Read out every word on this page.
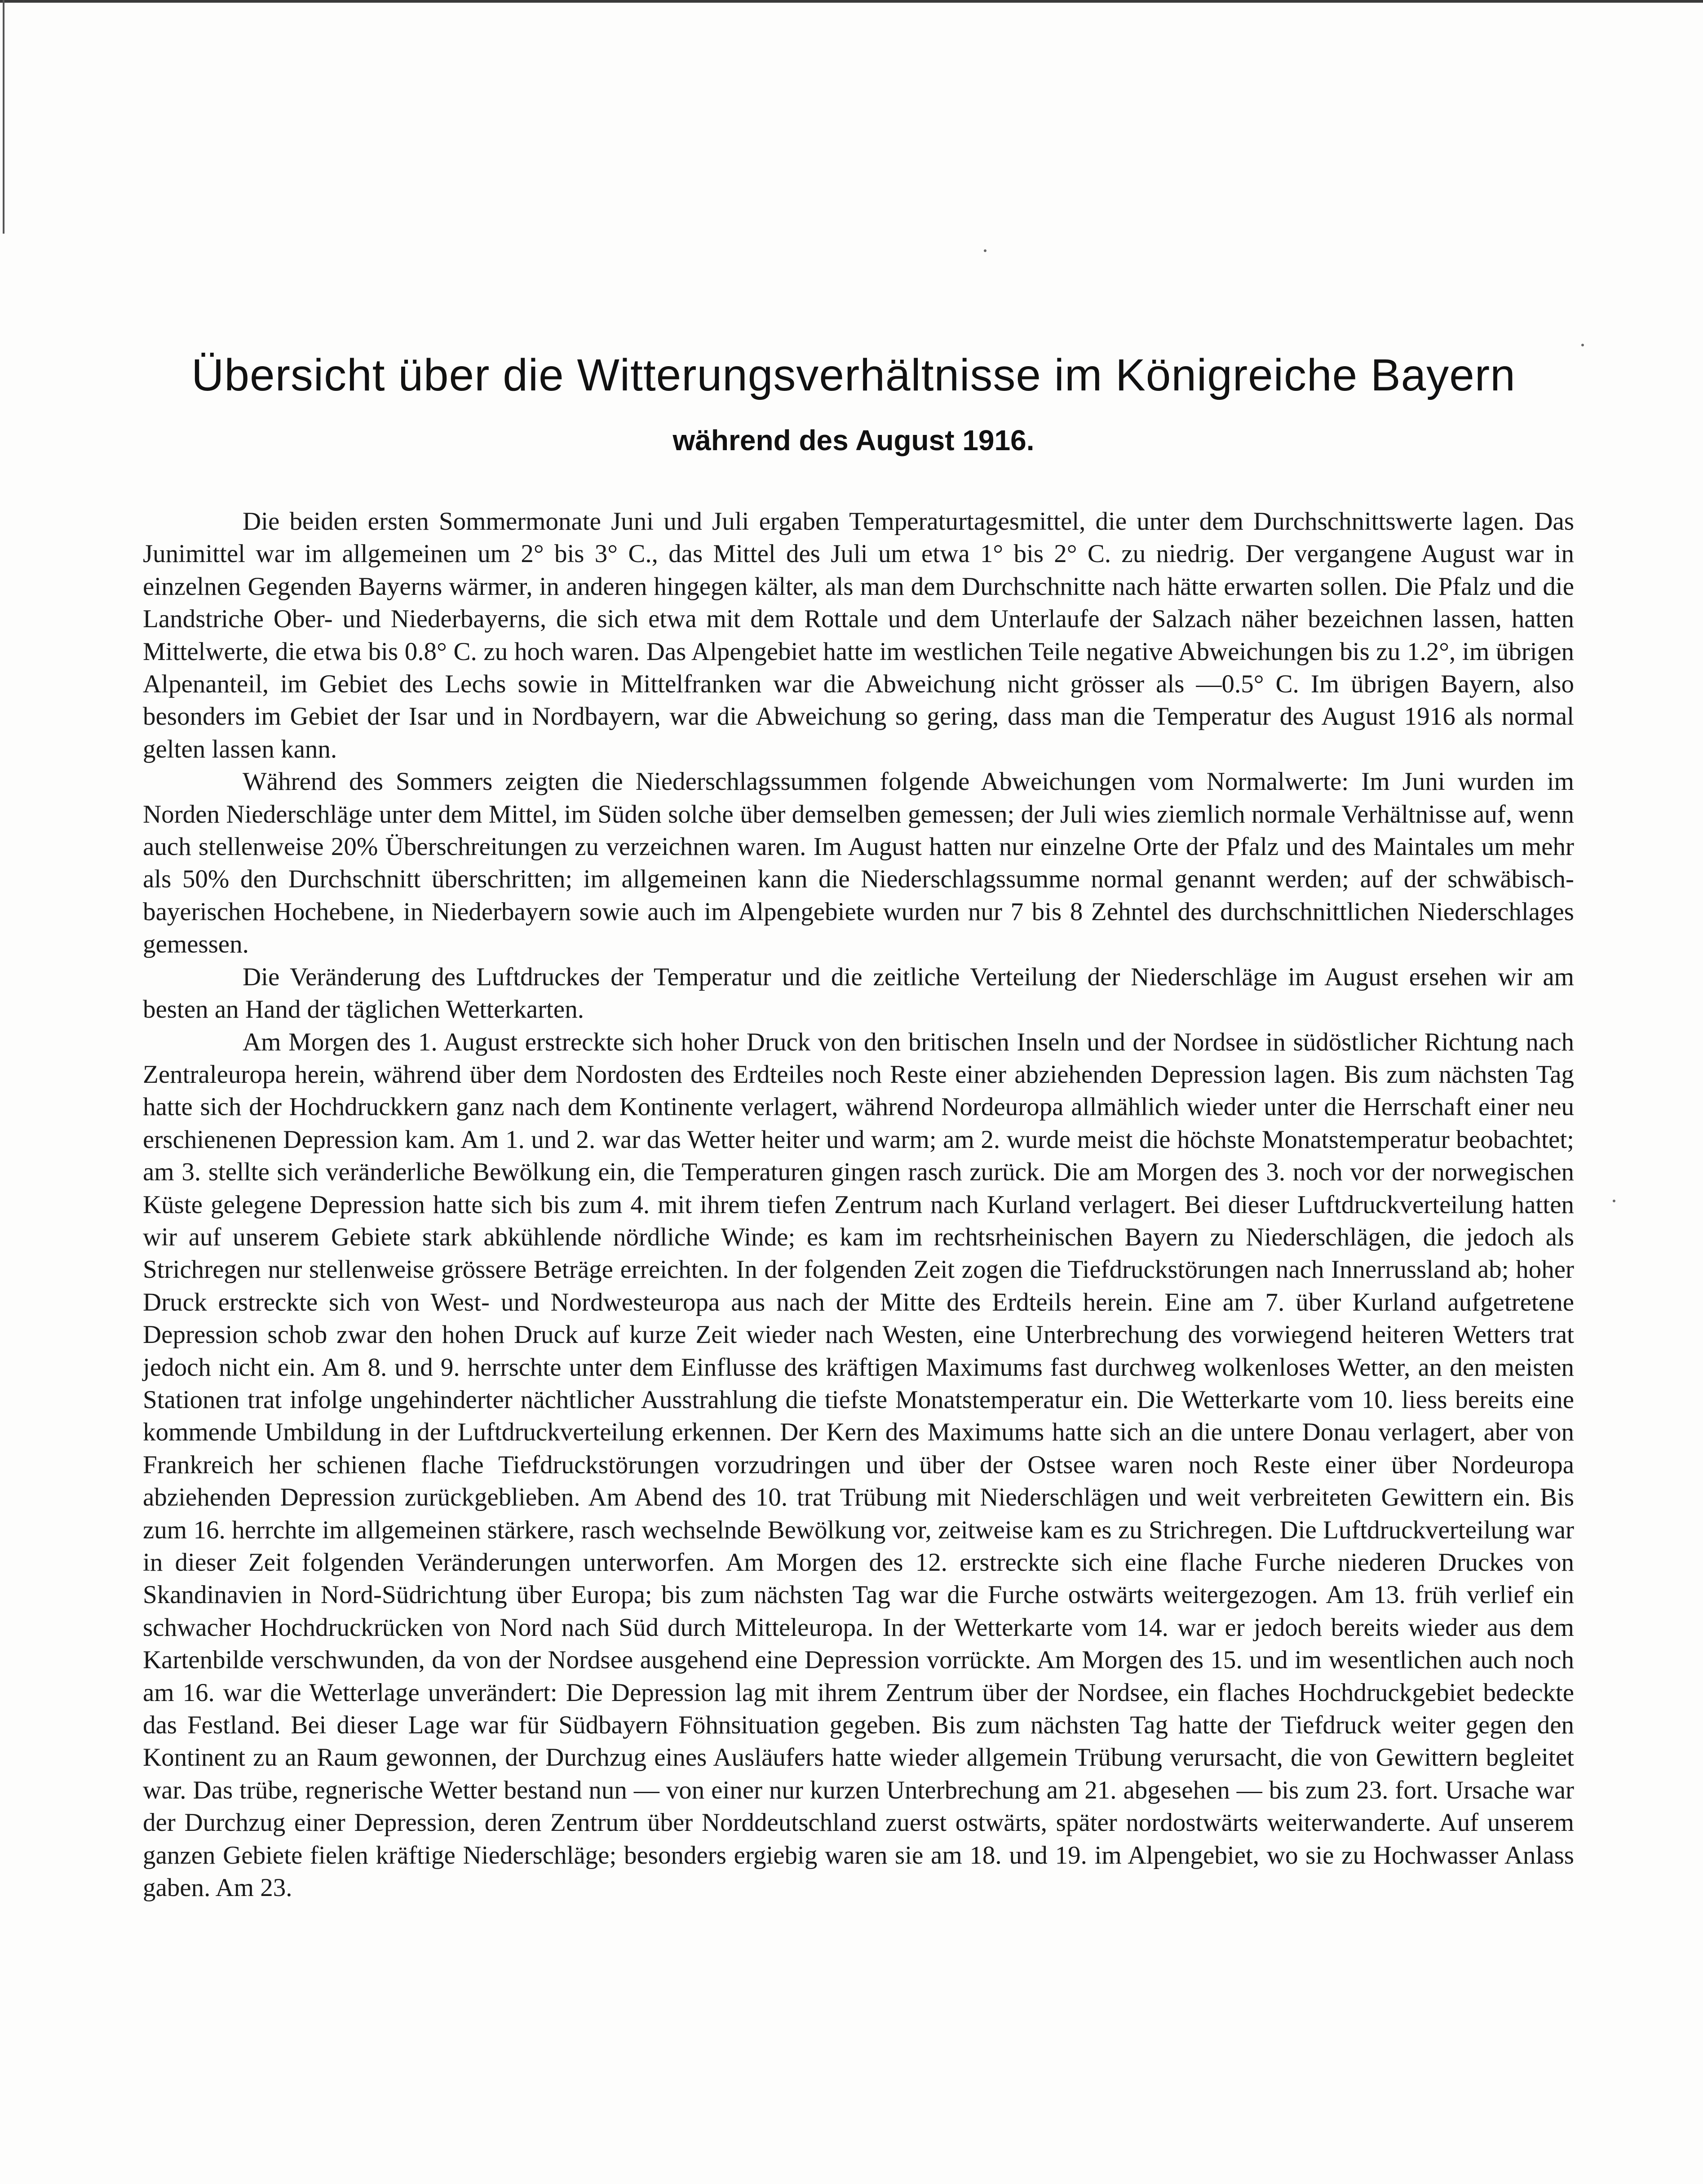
Übersicht über die Witterungsverhältnisse im Königreiche Bayern
während des August 1916.

Die beiden ersten Sommermonate Juni und Juli ergaben Temperaturtagesmittel, die unter dem Durchschnittswerte lagen. Das Junimittel war im allgemeinen um 2° bis 3° C., das Mittel des Juli um etwa 1° bis 2° C. zu niedrig. Der vergangene August war in einzelnen Gegenden Bayerns wärmer, in anderen hingegen kälter, als man dem Durchschnitte nach hätte erwarten sollen. Die Pfalz und die Landstriche Ober- und Niederbayerns, die sich etwa mit dem Rottale und dem Unterlaufe der Salzach näher bezeichnen lassen, hatten Mittelwerte, die etwa bis 0.8° C. zu hoch waren. Das Alpengebiet hatte im westlichen Teile negative Abweichungen bis zu 1.2°, im übrigen Alpenanteil, im Gebiet des Lechs sowie in Mittelfranken war die Abweichung nicht grösser als —0.5° C. Im übrigen Bayern, also besonders im Gebiet der Isar und in Nordbayern, war die Abweichung so gering, dass man die Temperatur des August 1916 als normal gelten lassen kann.

Während des Sommers zeigten die Niederschlagssummen folgende Abweichungen vom Normalwerte: Im Juni wurden im Norden Niederschläge unter dem Mittel, im Süden solche über demselben gemessen; der Juli wies ziemlich normale Verhältnisse auf, wenn auch stellenweise 20% Überschreitungen zu verzeichnen waren. Im August hatten nur einzelne Orte der Pfalz und des Maintales um mehr als 50% den Durchschnitt überschritten; im allgemeinen kann die Niederschlagssumme normal genannt werden; auf der schwäbisch-bayerischen Hochebene, in Niederbayern sowie auch im Alpengebiete wurden nur 7 bis 8 Zehntel des durchschnittlichen Niederschlages gemessen.

Die Veränderung des Luftdruckes der Temperatur und die zeitliche Verteilung der Niederschläge im August ersehen wir am besten an Hand der täglichen Wetterkarten.

Am Morgen des 1. August erstreckte sich hoher Druck von den britischen Inseln und der Nordsee in südöstlicher Richtung nach Zentraleuropa herein, während über dem Nordosten des Erdteiles noch Reste einer abziehenden Depression lagen. Bis zum nächsten Tag hatte sich der Hochdruckkern ganz nach dem Kontinente verlagert, während Nordeuropa allmählich wieder unter die Herrschaft einer neu erschienenen Depression kam. Am 1. und 2. war das Wetter heiter und warm; am 2. wurde meist die höchste Monatstemperatur beobachtet; am 3. stellte sich veränderliche Bewölkung ein, die Temperaturen gingen rasch zurück. Die am Morgen des 3. noch vor der norwegischen Küste gelegene Depression hatte sich bis zum 4. mit ihrem tiefen Zentrum nach Kurland verlagert. Bei dieser Luftdruckverteilung hatten wir auf unserem Gebiete stark abkühlende nördliche Winde; es kam im rechtsrheinischen Bayern zu Niederschlägen, die jedoch als Strichregen nur stellenweise grössere Beträge erreichten. In der folgenden Zeit zogen die Tiefdruckstörungen nach Innerrussland ab; hoher Druck erstreckte sich von West- und Nordwesteuropa aus nach der Mitte des Erdteils herein. Eine am 7. über Kurland aufgetretene Depression schob zwar den hohen Druck auf kurze Zeit wieder nach Westen, eine Unterbrechung des vorwiegend heiteren Wetters trat jedoch nicht ein. Am 8. und 9. herrschte unter dem Einflusse des kräftigen Maximums fast durchweg wolkenloses Wetter, an den meisten Stationen trat infolge ungehinderter nächtlicher Ausstrahlung die tiefste Monatstemperatur ein. Die Wetterkarte vom 10. liess bereits eine kommende Umbildung in der Luftdruckverteilung erkennen. Der Kern des Maximums hatte sich an die untere Donau verlagert, aber von Frankreich her schienen flache Tiefdruckstörungen vorzudringen und über der Ostsee waren noch Reste einer über Nordeuropa abziehenden Depression zurückgeblieben. Am Abend des 10. trat Trübung mit Niederschlägen und weit verbreiteten Gewittern ein. Bis zum 16. herrchte im allgemeinen stärkere, rasch wechselnde Bewölkung vor, zeitweise kam es zu Strichregen. Die Luftdruckverteilung war in dieser Zeit folgenden Veränderungen unterworfen. Am Morgen des 12. erstreckte sich eine flache Furche niederen Druckes von Skandinavien in Nord-Südrichtung über Europa; bis zum nächsten Tag war die Furche ostwärts weitergezogen. Am 13. früh verlief ein schwacher Hochdruckrücken von Nord nach Süd durch Mitteleuropa. In der Wetterkarte vom 14. war er jedoch bereits wieder aus dem Kartenbilde verschwunden, da von der Nordsee ausgehend eine Depression vorrückte. Am Morgen des 15. und im wesentlichen auch noch am 16. war die Wetterlage unverändert: Die Depression lag mit ihrem Zentrum über der Nordsee, ein flaches Hochdruckgebiet bedeckte das Festland. Bei dieser Lage war für Südbayern Föhnsituation gegeben. Bis zum nächsten Tag hatte der Tiefdruck weiter gegen den Kontinent zu an Raum gewonnen, der Durchzug eines Ausläufers hatte wieder allgemein Trübung verursacht, die von Gewittern begleitet war. Das trübe, regnerische Wetter bestand nun — von einer nur kurzen Unterbrechung am 21. abgesehen — bis zum 23. fort. Ursache war der Durchzug einer Depression, deren Zentrum über Norddeutschland zuerst ostwärts, später nordostwärts weiterwanderte. Auf unserem ganzen Gebiete fielen kräftige Niederschläge; besonders ergiebig waren sie am 18. und 19. im Alpengebiet, wo sie zu Hochwasser Anlass gaben. Am 23.
